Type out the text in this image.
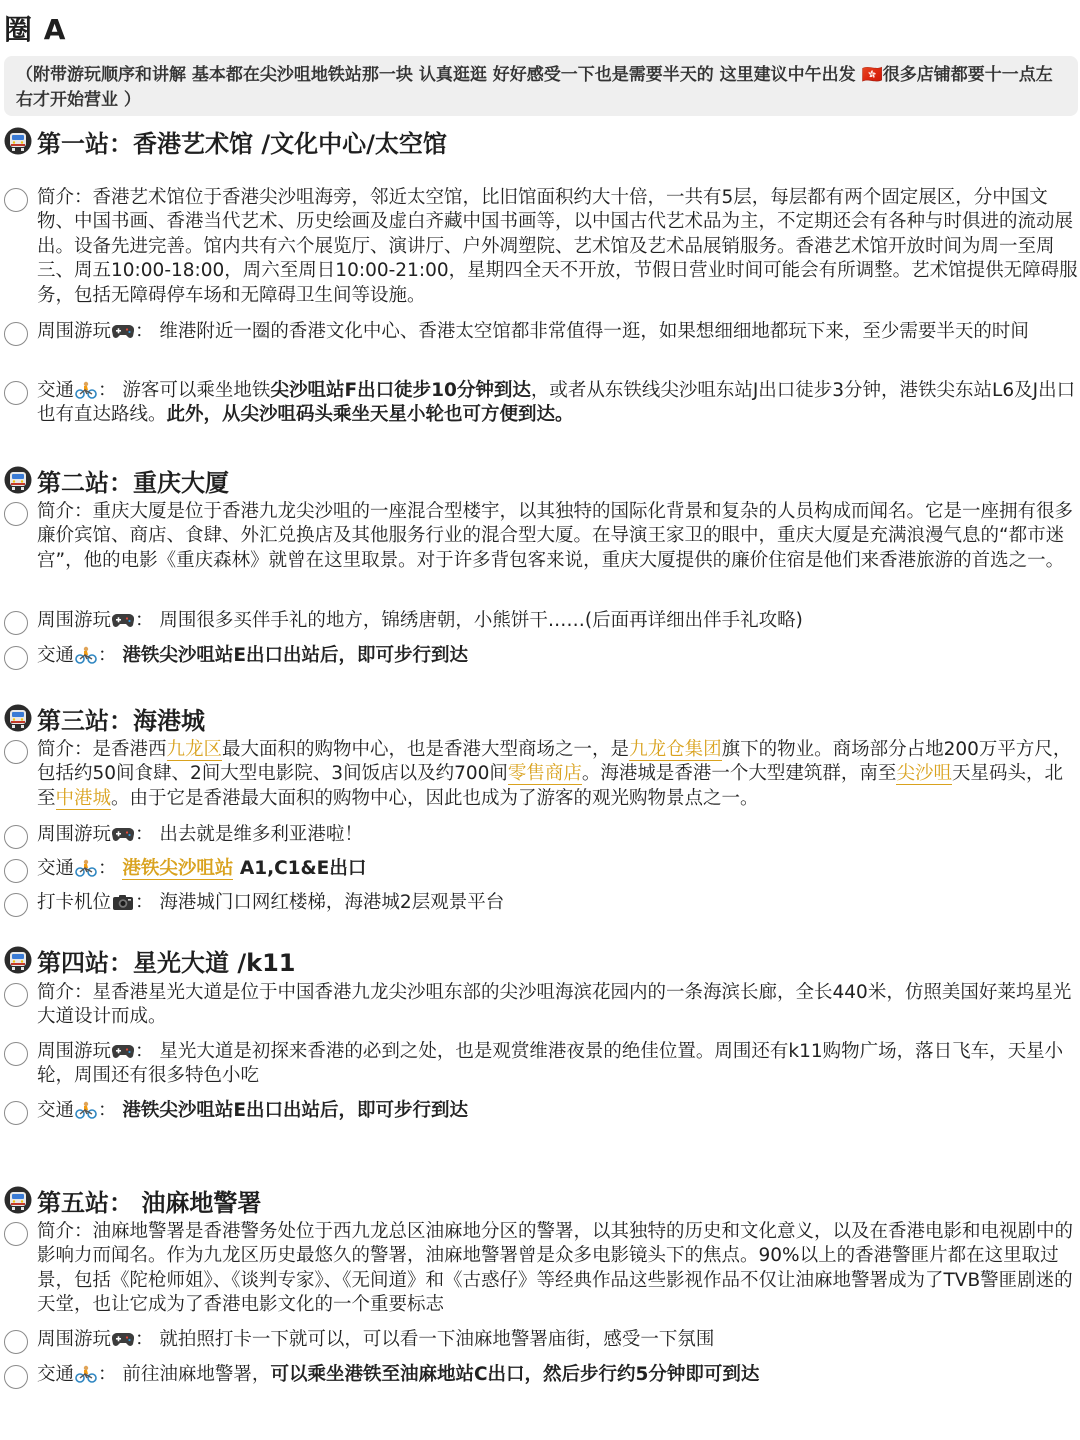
圈 A
（附带游玩顺序和讲解 基本都在尖沙咀地铁站那一块 认真逛逛 好好感受一下也是需要半天的 这里建议中午出发 🇭🇰很多店铺都要十一点左右才开始营业 ）
第一站：香港艺术馆 /文化中心/太空馆
简介：香港艺术馆位于香港尖沙咀海旁，邻近太空馆，比旧馆面积约大十倍，一共有5层，每层都有两个固定展区，分中国文物、中国书画、香港当代艺术、历史绘画及虚白齐藏中国书画等，以中国古代艺术品为主，不定期还会有各种与时俱进的流动展出。设备先进完善。馆内共有六个展览厅、演讲厅、户外凋塑院、艺术馆及艺术品展销服务。香港艺术馆开放时间为周一至周三、周五10:00-18:00，周六至周日10:00-21:00，星期四全天不开放，节假日营业时间可能会有所调整。艺术馆提供无障碍服务，包括无障碍停车场和无障碍卫生间等设施。
周围游玩 ： 维港附近一圈的香港文化中心、香港太空馆都非常值得一逛，如果想细细地都玩下来，至少需要半天的时间
交通 ： 游客可以乘坐地铁尖沙咀站F出口徒步10分钟到达，或者从东铁线尖沙咀东站J出口徒步3分钟，港铁尖东站L6及J出口也有直达路线。此外，从尖沙咀码头乘坐天星小轮也可方便到达。
第二站：重庆大厦
简介：重庆大厦是位于香港九龙尖沙咀的一座混合型楼宇，以其独特的国际化背景和复杂的人员构成而闻名。它是一座拥有很多廉价宾馆、商店、食肆、外汇兑换店及其他服务行业的混合型大厦。在导演王家卫的眼中，重庆大厦是充满浪漫气息的“都市迷宫”，他的电影《重庆森林》就曾在这里取景。对于许多背包客来说，重庆大厦提供的廉价住宿是他们来香港旅游的首选之一。
周围游玩 ： 周围很多买伴手礼的地方，锦绣唐朝，小熊饼干……(后面再详细出伴手礼攻略)
交通 ： 港铁尖沙咀站E出口出站后，即可步行到达
第三站：海港城
简介：是香港西九龙区最大面积的购物中心，也是香港大型商场之一，是九龙仓集团旗下的物业。商场部分占地200万平方尺，包括约50间食肆、2间大型电影院、3间饭店以及约700间零售商店。海港城是香港一个大型建筑群，南至尖沙咀天星码头，北至中港城。由于它是香港最大面积的购物中心，因此也成为了游客的观光购物景点之一。
周围游玩 ： 出去就是维多利亚港啦！
交通 ： 港铁尖沙咀站 A1,C1&E出口
打卡机位 ： 海港城门口网红楼梯，海港城2层观景平台
第四站：星光大道 /k11
简介：星香港星光大道是位于中国香港九龙尖沙咀东部的尖沙咀海滨花园内的一条海滨长廊，全长440米，仿照美国好莱坞星光大道设计而成。
周围游玩 ： 星光大道是初探来香港的必到之处，也是观赏维港夜景的绝佳位置。周围还有k11购物广场，落日飞车，天星小轮，周围还有很多特色小吃
交通 ： 港铁尖沙咀站E出口出站后，即可步行到达
第五站： 油麻地警署
简介：油麻地警署是香港警务处位于西九龙总区油麻地分区的警署，以其独特的历史和文化意义，以及在香港电影和电视剧中的影响力而闻名。作为九龙区历史最悠久的警署，油麻地警署曾是众多电影镜头下的焦点。90%以上的香港警匪片都在这里取过景，包括《陀枪师姐》、《谈判专家》、《无间道》和《古惑仔》等经典作品这些影视作品不仅让油麻地警署成为了TVB警匪剧迷的天堂，也让它成为了香港电影文化的一个重要标志
周围游玩 ： 就拍照打卡一下就可以，可以看一下油麻地警署庙街，感受一下氛围
交通 ： 前往油麻地警署，可以乘坐港铁至油麻地站C出口，然后步行约5分钟即可到达
